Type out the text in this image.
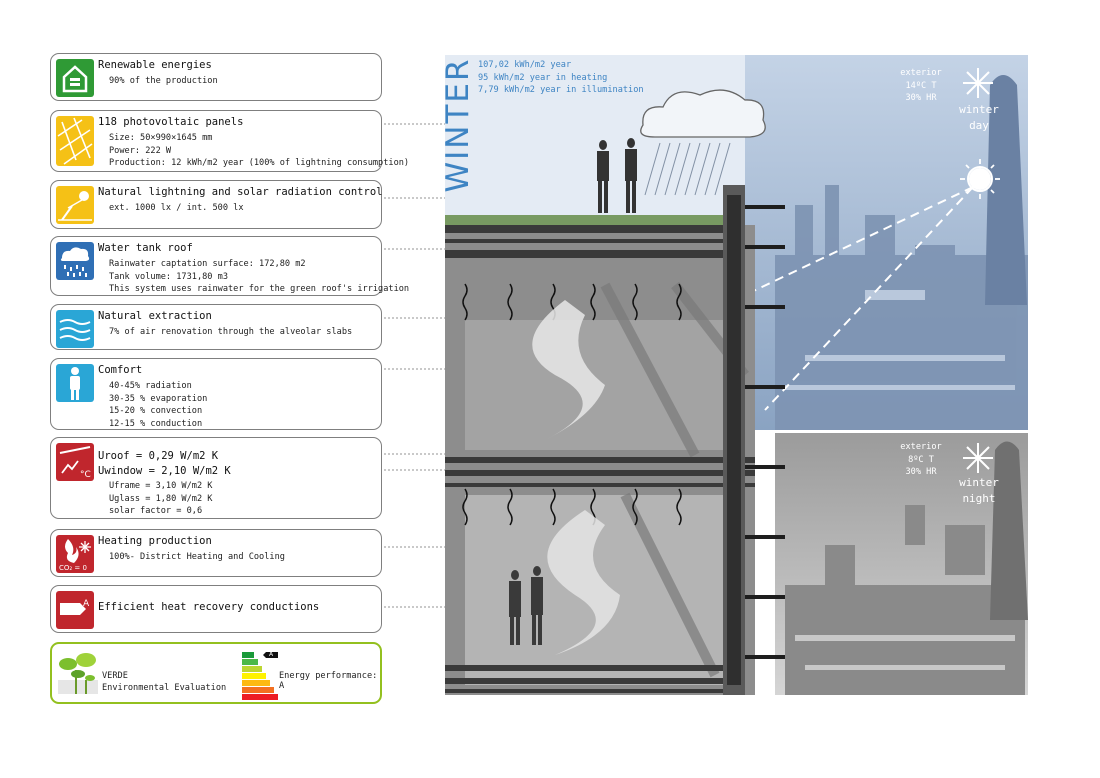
Renewable energies
90% of the production
118 photovoltaic panels
Size: 50×990×1645 mm
Power: 222 W
Production: 12 kWh/m2 year (100% of lightning consumption)
Natural lightning and solar radiation control
ext. 1000 lx / int. 500 lx
Water tank roof
Rainwater captation surface: 172,80 m2
Tank volume: 1731,80 m3
This system uses rainwater for the green roof's irrigation
Natural extraction
7% of air renovation through the alveolar slabs
Comfort
40-45% radiation
30-35 % evaporation
15-20 % convection
12-15 % conduction
°C
Uroof = 0,29 W/m2 K
Uwindow = 2,10 W/m2 K
Uframe = 3,10 W/m2 K
Uglass = 1,80 W/m2 K
solar factor = 0,6
CO₂ = 0
Heating production
100%- District Heating and Cooling
A Efficient heat recovery conductions
VERDE
Environmental Evaluation
A
Energy performance: A
WINTER 107,02 kWh/m2 year
95 kWh/m2 year in heating
7,79 kWh/m2 year in illumination
exterior
14ºC T
30% HR
winter
day
exterior
8ºC T
30% HR
winter
night
